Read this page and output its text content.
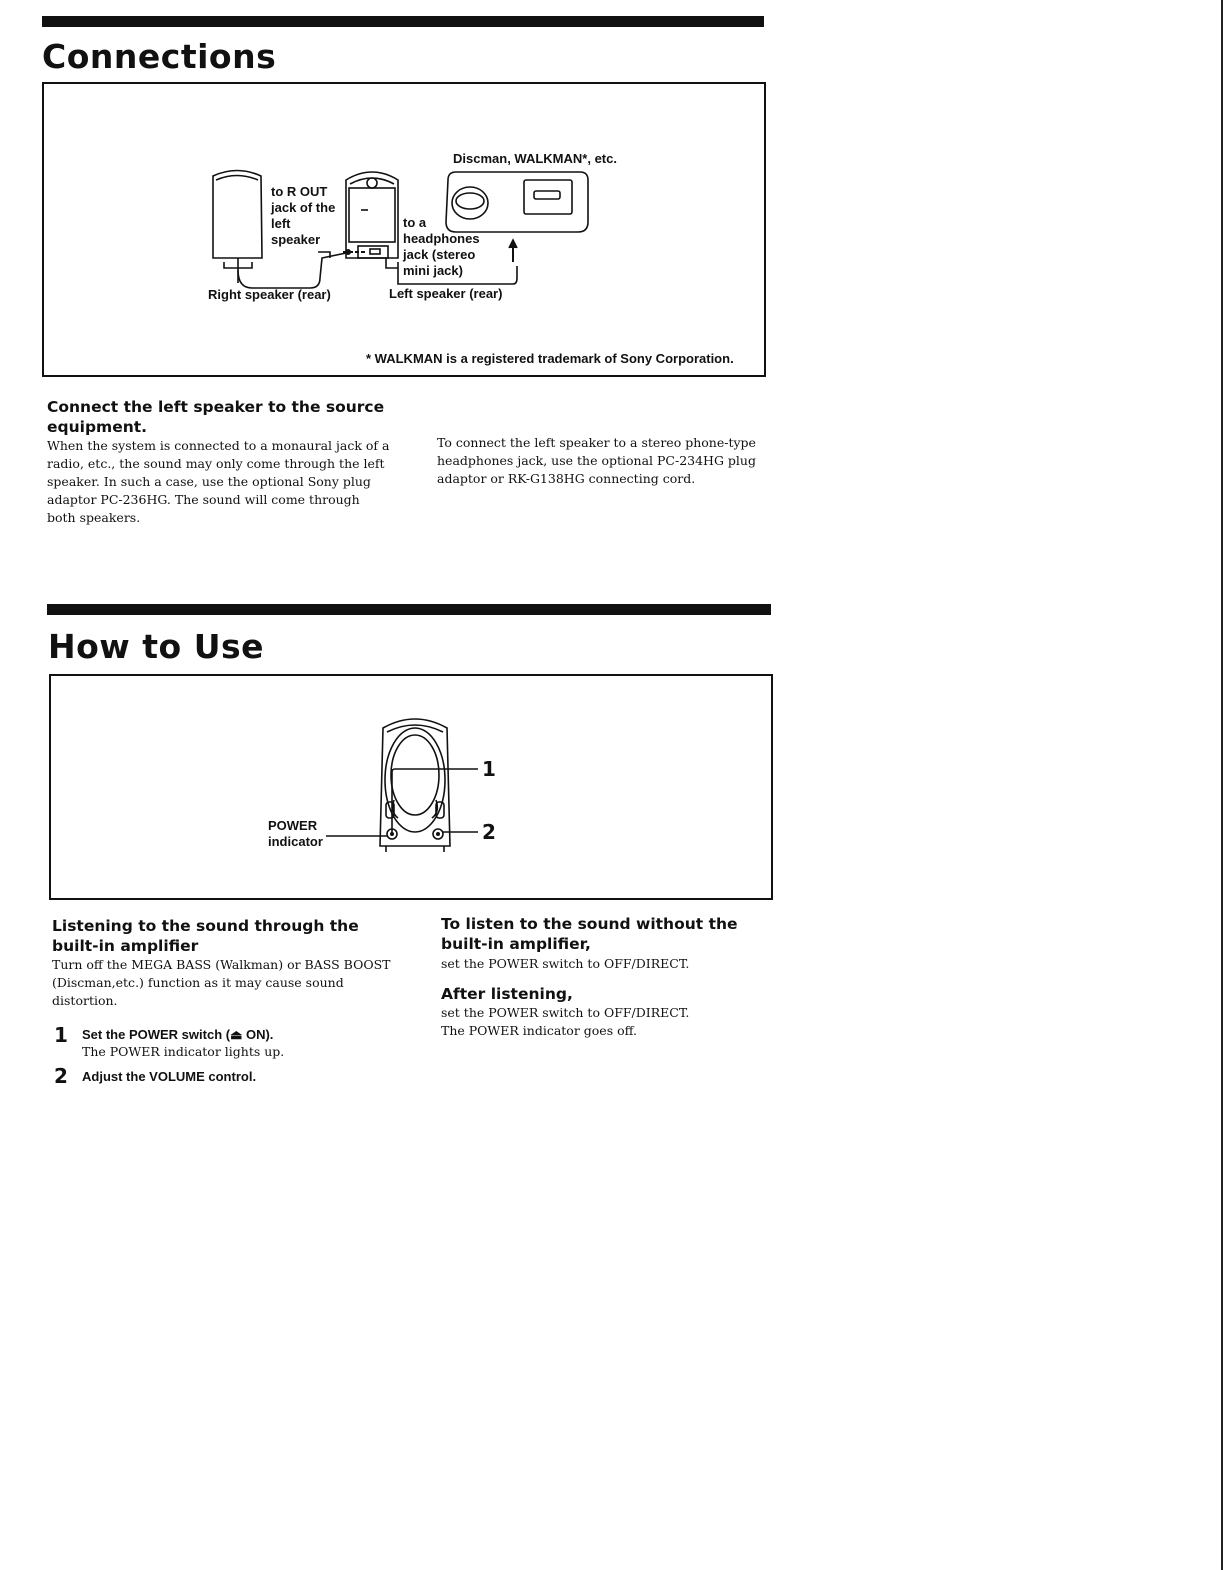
Connections
to R OUT
jack of the
left
speaker
Discman, WALKMAN*, etc.
to a
headphones
jack (stereo
mini jack)
Right speaker (rear)	Left speaker (rear)
* WALKMAN is a registered trademark of Sony Corporation.
Connect the left speaker to the source equipment.

When the system is connected to a monaural jack of a radio, etc., the sound may only come through the left speaker. In such a case, use the optional Sony plug adaptor PC-236HG. The sound will come through both speakers.

To connect the left speaker to a stereo phone-type headphones jack, use the optional PC-234HG plug adaptor or RK-G138HG connecting cord.

How to Use
POWER
indicator
1
2
Listening to the sound through the built-in amplifier

Turn off the MEGA BASS (Walkman) or BASS BOOST (Discman,etc.) function as it may cause sound distortion.

1 Set the POWER switch (⏏ ON).
The POWER indicator lights up.
2 Adjust the VOLUME control.
To listen to the sound without the built-in amplifier,

set the POWER switch to OFF/DIRECT.

After listening,

set the POWER switch to OFF/DIRECT.
The POWER indicator goes off.
